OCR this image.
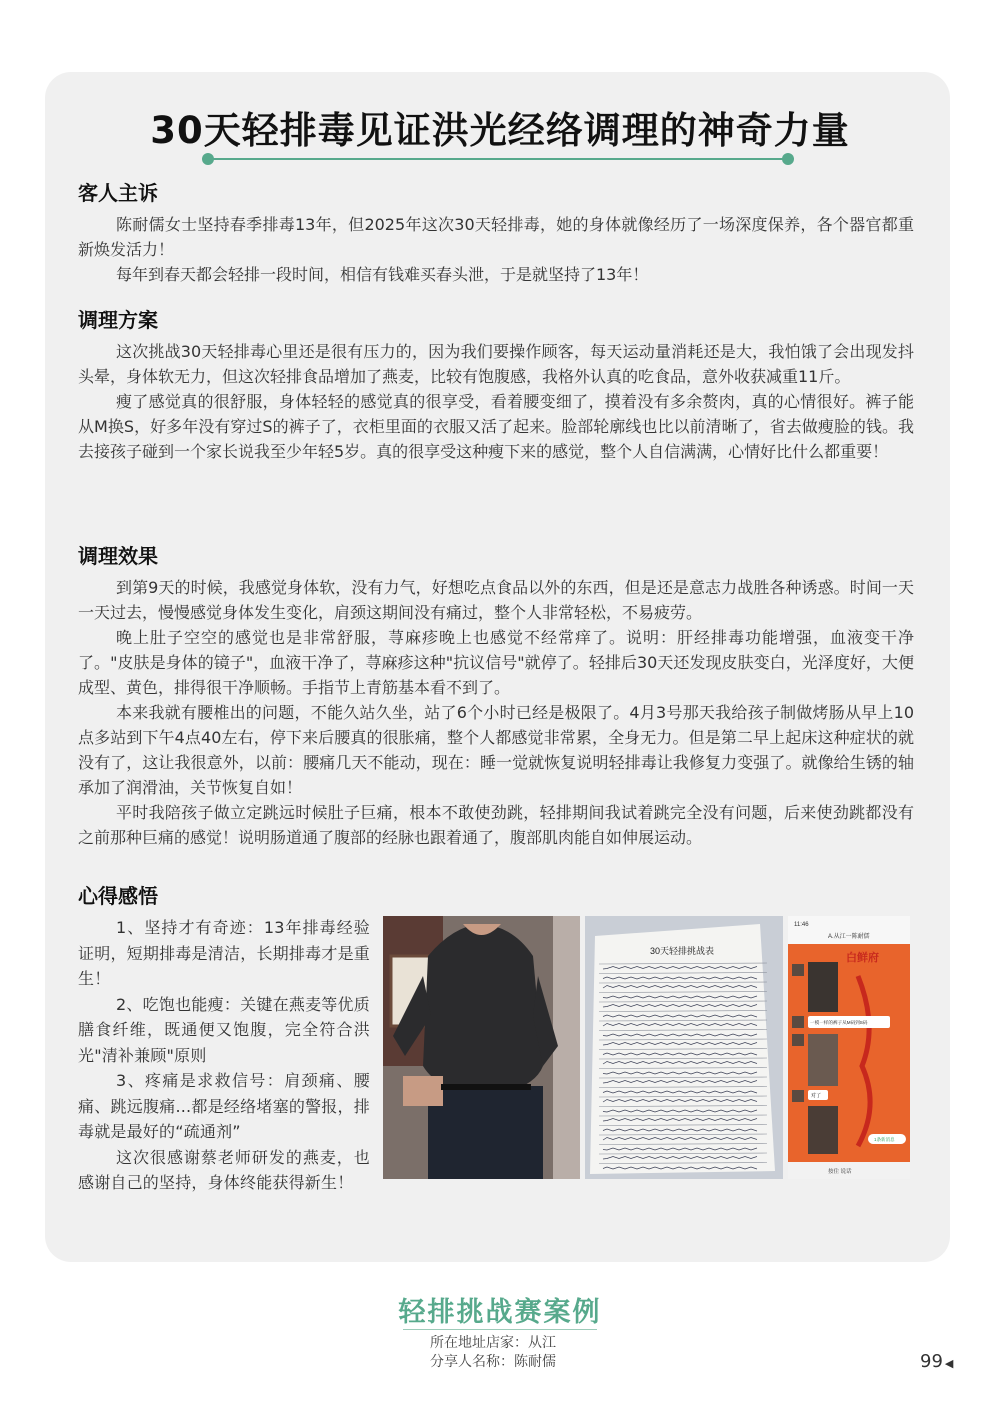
30天轻排毒见证洪光经络调理的神奇力量
客人主诉

陈耐儒女士坚持春季排毒13年，但2025年这次30天轻排毒，她的身体就像经历了一场深度保养，各个器官都重新焕发活力！

每年到春天都会轻排一段时间，相信有钱难买春头泄，于是就坚持了13年！

调理方案

这次挑战30天轻排毒心里还是很有压力的，因为我们要操作顾客，每天运动量消耗还是大，我怕饿了会出现发抖头晕，身体软无力，但这次轻排食品增加了燕麦，比较有饱腹感，我格外认真的吃食品，意外收获减重11斤。

瘦了感觉真的很舒服，身体轻轻的感觉真的很享受，看着腰变细了，摸着没有多余赘肉，真的心情很好。裤子能从M换S，好多年没有穿过S的裤子了，衣柜里面的衣服又活了起来。脸部轮廓线也比以前清晰了，省去做瘦脸的钱。我去接孩子碰到一个家长说我至少年轻5岁。真的很享受这种瘦下来的感觉，整个人自信满满，心情好比什么都重要！

调理效果

到第9天的时候，我感觉身体软，没有力气，好想吃点食品以外的东西，但是还是意志力战胜各种诱惑。时间一天一天过去，慢慢感觉身体发生变化，肩颈这期间没有痛过，整个人非常轻松，不易疲劳。

晚上肚子空空的感觉也是非常舒服，荨麻疹晚上也感觉不经常痒了。说明：肝经排毒功能增强，血液变干净了。"皮肤是身体的镜子"，血液干净了，荨麻疹这种"抗议信号"就停了。轻排后30天还发现皮肤变白，光泽度好，大便成型、黄色，排得很干净顺畅。手指节上青筋基本看不到了。

本来我就有腰椎出的问题，不能久站久坐，站了6个小时已经是极限了。4月3号那天我给孩子制做烤肠从早上10点多站到下午4点40左右，停下来后腰真的很胀痛，整个人都感觉非常累，全身无力。但是第二早上起床这种症状的就没有了，这让我很意外，以前：腰痛几天不能动，现在：睡一觉就恢复说明轻排毒让我修复力变强了。就像给生锈的轴承加了润滑油，关节恢复自如！

平时我陪孩子做立定跳远时候肚子巨痛，根本不敢使劲跳，轻排期间我试着跳完全没有问题，后来使劲跳都没有之前那种巨痛的感觉！说明肠道通了腹部的经脉也跟着通了，腹部肌肉能自如伸展运动。

心得感悟

1、坚持才有奇迹：13年排毒经验证明，短期排毒是清洁，长期排毒才是重生！

2、吃饱也能瘦：关键在燕麦等优质膳食纤维，既通便又饱腹，完全符合洪光"清补兼顾"原则

3、疼痛是求救信号：肩颈痛、腰痛、跳远腹痛...都是经络堵塞的警报，排毒就是最好的“疏通剂”

这次很感谢蔡老师研发的燕麦，也感谢自己的坚持，身体终能获得新生！

30天轻排挑战表
11:46
A.从江一陈耐儒
白鲜府
一模一样的裤子从M码到S码
对了
1条新消息
按住 说话
轻排挑战赛案例
所在地址店家：从江
分享人名称：陈耐儒	99 ◀
